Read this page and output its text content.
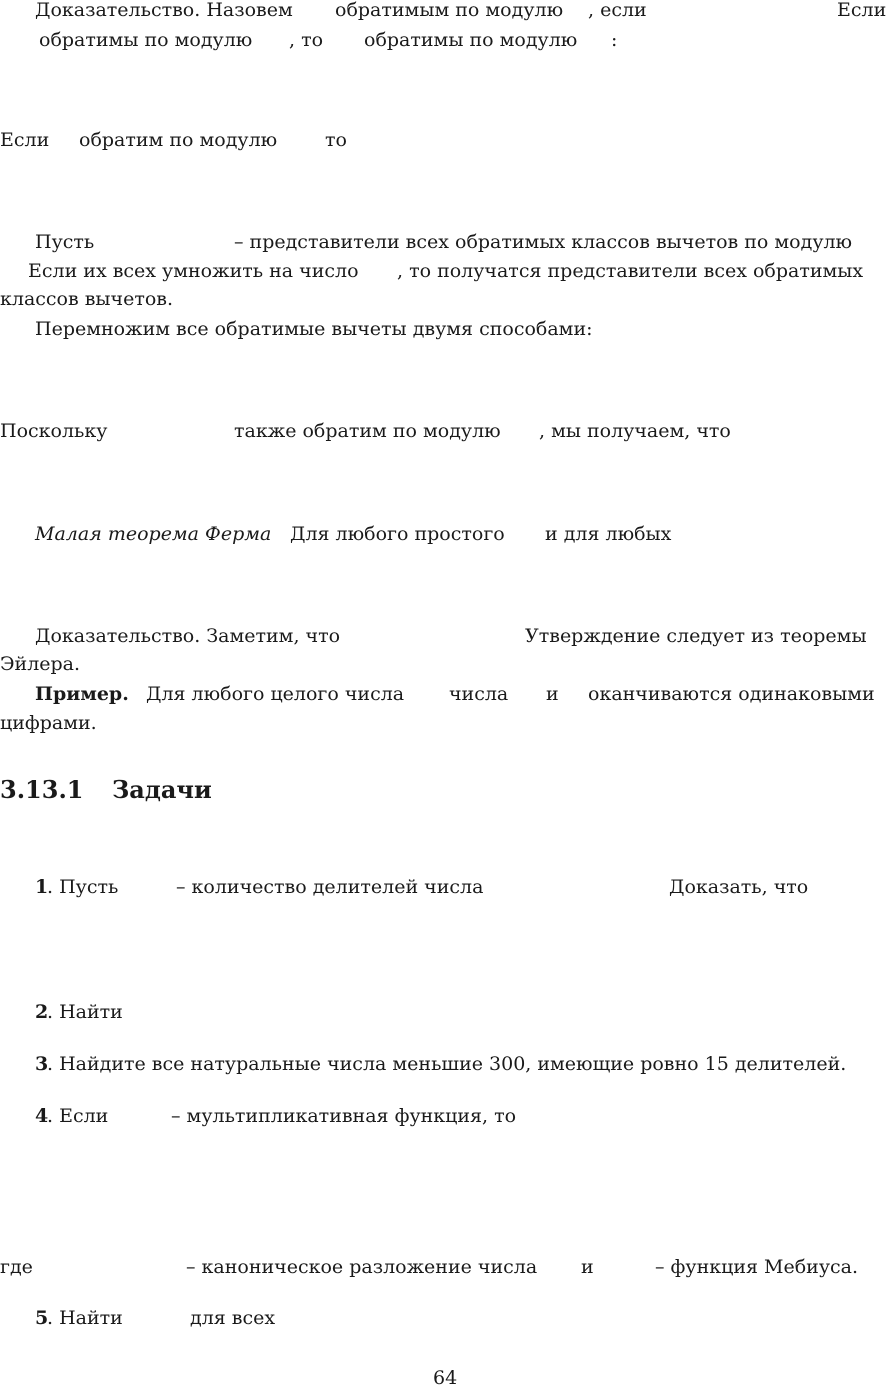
Доказательство. Назовем обратимым по модулю , если	Если
обратимы по модулю , то обратимы по модулю :
Если обратим по модулю	то
Пусть	– представители всех обратимых классов вычетов по модулю
Если их всех умножить на число , то получатся представители всех обратимых
классов вычетов.
Перемножим все обратимые вычеты двумя способами:
Поскольку	также обратим по модулю , мы получаем, что
Малая теорема Ферма Для любого простого и для любых
Доказательство. Заметим, что	Утверждение следует из теоремы
Эйлера.
Пример. Для любого целого числа числа и оканчиваются одинаковыми
цифрами.
3.13.1 Задачи
1
. Пусть	– количество делителей числа	Доказать, что
2
. Найти
3
. Найдите все натуральные числа меньшие 300, имеющие ровно 15 делителей.
4
. Если	– мультипликативная функция, то
где	– каноническое разложение числа и	– функция Мебиуса.
5
. Найти	для всех
64
